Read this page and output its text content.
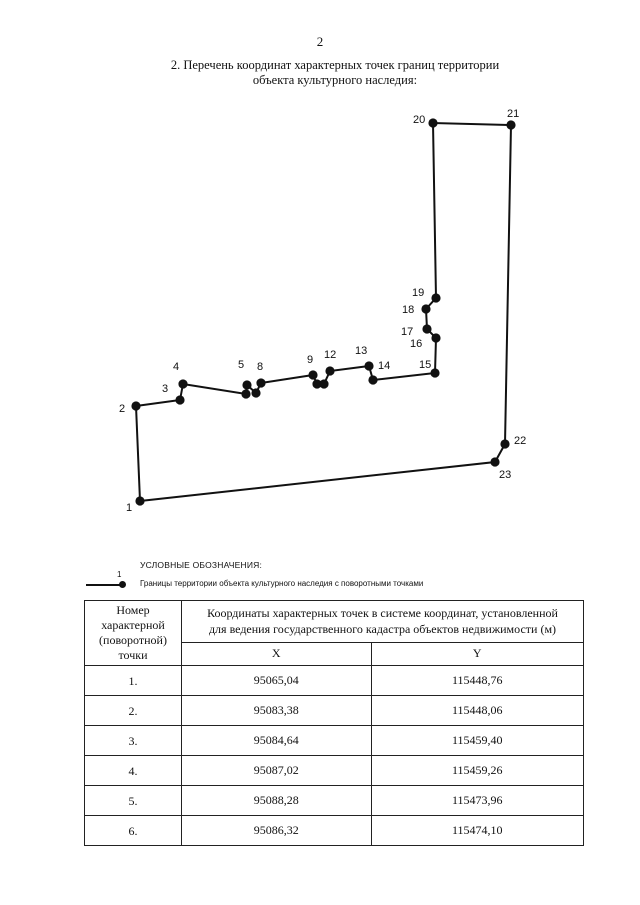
2
2. Перечень координат характерных точек границ территории
объекта культурного наследия:
1
2
3
4	5 8
9 12 13
14	15
16
17
18
19
20	21
22
23
УСЛОВНЫЕ ОБОЗНАЧЕНИЯ:
1
Границы территории объекта культурного наследия с поворотными точками
Номер
характерной
(поворотной)
точки	Координаты характерных точек в системе координат, установленной
для ведения государственного кадастра объектов недвижимости (м)	
	X	Y
1.	95065,04	115448,76
2.	95083,38	115448,06
3.	95084,64	115459,40
4.	95087,02	115459,26
5.	95088,28	115473,96
6.	95086,32	115474,10
